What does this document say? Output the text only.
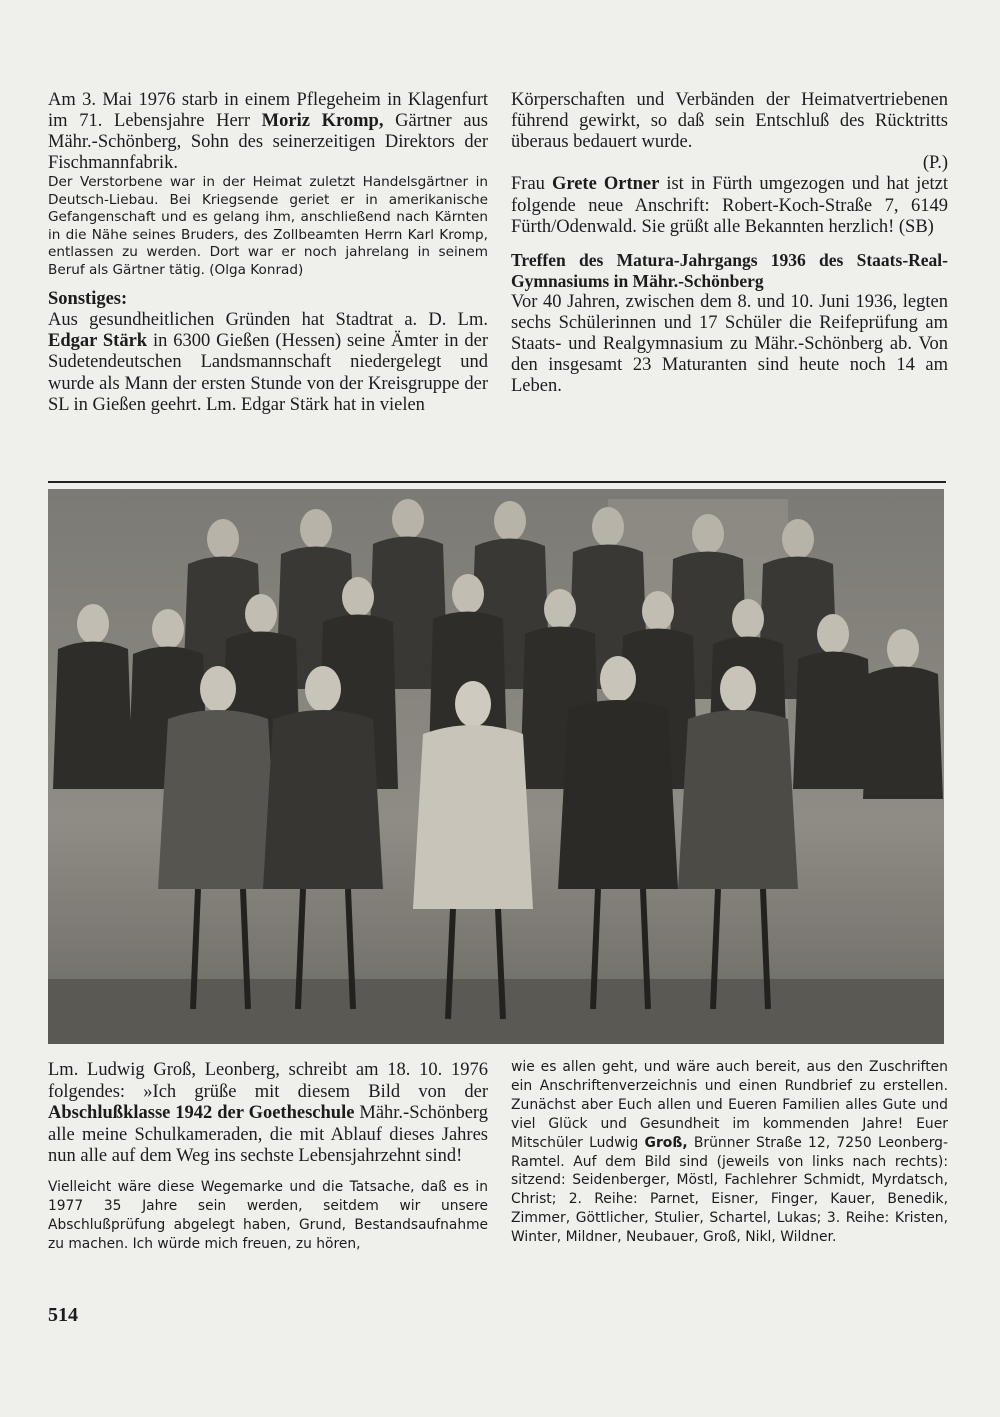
Am 3. Mai 1976 starb in einem Pflegeheim in Klagenfurt im 71. Lebensjahre Herr Moriz Kromp, Gärtner aus Mähr.-Schönberg, Sohn des seinerzeitigen Direktors der Fischmannfabrik.

Der Verstorbene war in der Heimat zuletzt Handelsgärtner in Deutsch-Liebau. Bei Kriegsende geriet er in amerikanische Gefangenschaft und es gelang ihm, anschließend nach Kärnten in die Nähe seines Bruders, des Zollbeamten Herrn Karl Kromp, entlassen zu werden. Dort war er noch jahrelang in seinem Beruf als Gärtner tätig. (Olga Konrad)

Sonstiges:

Aus gesundheitlichen Gründen hat Stadtrat a. D. Lm. Edgar Stärk in 6300 Gießen (Hessen) seine Ämter in der Sudetendeutschen Landsmannschaft niedergelegt und wurde als Mann der ersten Stunde von der Kreisgruppe der SL in Gießen geehrt. Lm. Edgar Stärk hat in vielen

Körperschaften und Verbänden der Heimatvertriebenen führend gewirkt, so daß sein Entschluß des Rücktritts überaus bedauert wurde.

(P.)

Frau Grete Ortner ist in Fürth umgezogen und hat jetzt folgende neue Anschrift: Robert-Koch-Straße 7, 6149 Fürth/Odenwald. Sie grüßt alle Bekannten herzlich! (SB)

Treffen des Matura-Jahrgangs 1936 des Staats-Real-Gymnasiums in Mähr.-Schönberg

Vor 40 Jahren, zwischen dem 8. und 10. Juni 1936, legten sechs Schülerinnen und 17 Schüler die Reifeprüfung am Staats- und Realgymnasium zu Mähr.-Schönberg ab. Von den insgesamt 23 Maturanten sind heute noch 14 am Leben.

Lm. Ludwig Groß, Leonberg, schreibt am 18. 10. 1976 folgendes: »Ich grüße mit diesem Bild von der Abschlußklasse 1942 der Goetheschule Mähr.-Schönberg alle meine Schulkameraden, die mit Ablauf dieses Jahres nun alle auf dem Weg ins sechste Lebensjahrzehnt sind!

Vielleicht wäre diese Wegemarke und die Tatsache, daß es in 1977 35 Jahre sein werden, seitdem wir unsere Abschlußprüfung abgelegt haben, Grund, Bestandsaufnahme zu machen. Ich würde mich freuen, zu hören,

wie es allen geht, und wäre auch bereit, aus den Zuschriften ein Anschriftenverzeichnis und einen Rundbrief zu erstellen. Zunächst aber Euch allen und Eueren Familien alles Gute und viel Glück und Gesundheit im kommenden Jahre! Euer Mitschüler Ludwig Groß, Brünner Straße 12, 7250 Leonberg-Ramtel. Auf dem Bild sind (jeweils von links nach rechts): sitzend: Seidenberger, Möstl, Fachlehrer Schmidt, Myrdatsch, Christ; 2. Reihe: Parnet, Eisner, Finger, Kauer, Benedik, Zimmer, Göttlicher, Stulier, Schartel, Lukas; 3. Reihe: Kristen, Winter, Mildner, Neubauer, Groß, Nikl, Wildner.

514
